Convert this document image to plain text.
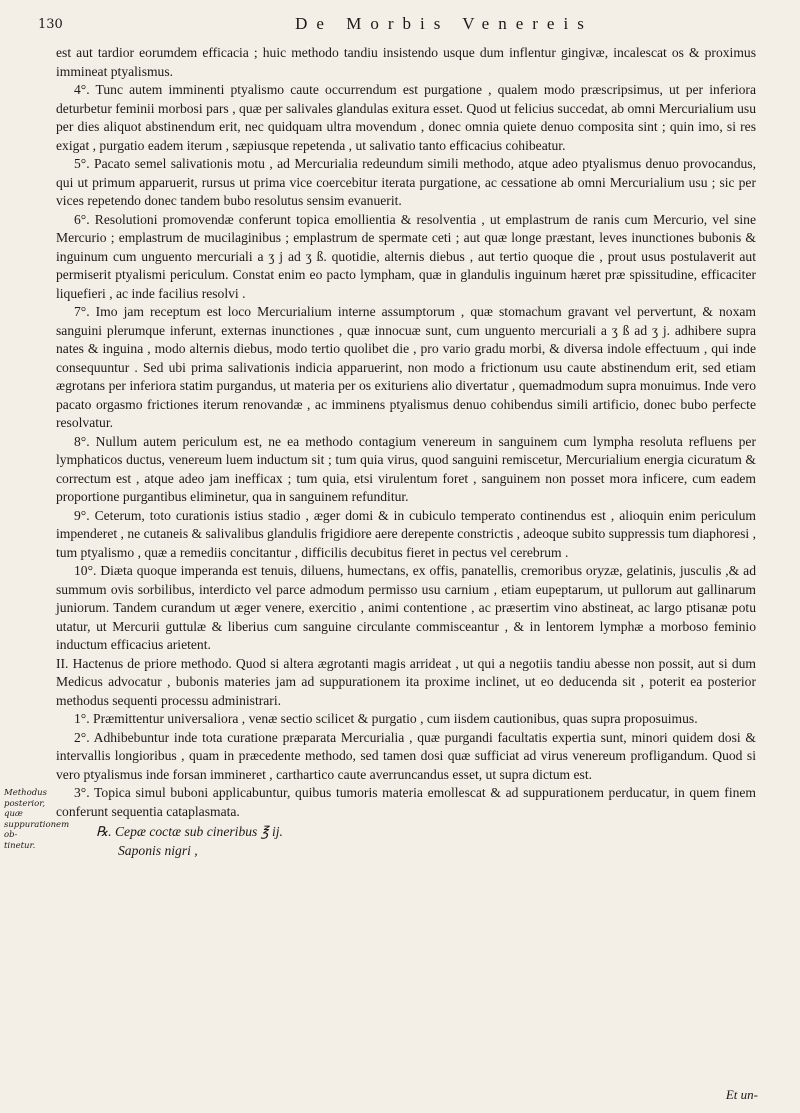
130	De Morbis Venereis
Methodus posterior, quæ suppurationem ob-tinetur.

est aut tardior eorumdem efficacia ; huic methodo tandiu insistendo usque dum inflentur gingivæ, incalescat os & proximus immineat ptyalismus.

4°. Tunc autem imminenti ptyalismo caute occurrendum est purgatione , qualem modo præscripsimus, ut per inferiora deturbetur feminii morbosi pars , quæ per salivales glandulas exitura esset. Quod ut felicius succedat, ab omni Mercurialium usu per dies aliquot abstinendum erit, nec quidquam ultra movendum , donec omnia quiete denuo composita sint ; quin imo, si res exigat , purgatio eadem iterum , sæpiusque repetenda , ut salivatio tanto efficacius cohibeatur.

5°. Pacato semel salivationis motu , ad Mercurialia redeundum simili methodo, atque adeo ptyalismus denuo provocandus, qui ut primum apparuerit, rursus ut prima vice coercebitur iterata purgatione, ac cessatione ab omni Mercurialium usu ; sic per vices repetendo donec tandem bubo resolutus sensim evanuerit.

6°. Resolutioni promovendæ conferunt topica emollientia & resolventia , ut emplastrum de ranis cum Mercurio, vel sine Mercurio ; emplastrum de mucilaginibus ; emplastrum de spermate ceti ; aut quæ longe præstant, leves inunctiones bubonis & inguinum cum unguento mercuriali a ʒ j ad ʒ ß. quotidie, alternis diebus , aut tertio quoque die , prout usus postulaverit aut permiserit ptyalismi periculum. Constat enim eo pacto lympham, quæ in glandulis inguinum hæret præ spissitudine, efficaciter liquefieri , ac inde facilius resolvi .

7°. Imo jam receptum est loco Mercurialium interne assumptorum , quæ stomachum gravant vel pervertunt, & noxam sanguini plerumque inferunt, externas inunctiones , quæ innocuæ sunt, cum unguento mercuriali a ʒ ß ad ʒ j. adhibere supra nates & inguina , modo alternis diebus, modo tertio quolibet die , pro vario gradu morbi, & diversa indole effectuum , qui inde consequuntur . Sed ubi prima salivationis indicia apparuerint, non modo a frictionum usu caute abstinendum erit, sed etiam ægrotans per inferiora statim purgandus, ut materia per os exituriens alio divertatur , quemadmodum supra monuimus. Inde vero pacato orgasmo frictiones iterum renovandæ , ac imminens ptyalismus denuo cohibendus simili artificio, donec bubo perfecte resolvatur.

8°. Nullum autem periculum est, ne ea methodo contagium venereum in sanguinem cum lympha resoluta refluens per lymphaticos ductus, venereum luem inductum sit ; tum quia virus, quod sanguini remiscetur, Mercurialium energia cicuratum & correctum est , atque adeo jam inefficax ; tum quia, etsi virulentum foret , sanguinem non posset mora inficere, cum eadem proportione purgantibus eliminetur, qua in sanguinem refunditur.

9°. Ceterum, toto curationis istius stadio , æger domi & in cubiculo temperato continendus est , alioquin enim periculum impenderet , ne cutaneis & salivalibus glandulis frigidiore aere derepente constrictis , adeoque subito suppressis tum diaphoresi , tum ptyalismo , quæ a remediis concitantur , difficilis decubitus fieret in pectus vel cerebrum .

10°. Diæta quoque imperanda est tenuis, diluens, humectans, ex offis, panatellis, cremoribus oryzæ, gelatinis, jusculis ,& ad summum ovis sorbilibus, interdicto vel parce admodum permisso usu carnium , etiam eupeptarum, ut pullorum aut gallinarum juniorum. Tandem curandum ut æger venere, exercitio , animi contentione , ac præsertim vino abstineat, ac largo ptisanæ potu utatur, ut Mercurii guttulæ & liberius cum sanguine circulante commisceantur , & in lentorem lymphæ a morboso feminio inductum efficacius arietent.

II. Hactenus de priore methodo. Quod si altera ægrotanti magis arrideat , ut qui a negotiis tandiu abesse non possit, aut si dum Medicus advocatur , bubonis materies jam ad suppurationem ita proxime inclinet, ut eo deducenda sit , poterit ea posterior methodus sequenti processu administrari.

1°. Præmittentur universaliora , venæ sectio scilicet & purgatio , cum iisdem cautionibus, quas supra proposuimus.

2°. Adhibebuntur inde tota curatione præparata Mercurialia , quæ purgandi facultatis expertia sunt, minori quidem dosi & intervallis longioribus , quam in præcedente methodo, sed tamen dosi quæ sufficiat ad virus venereum profligandum. Quod si vero ptyalismus inde forsan immineret , carthartico caute averruncandus esset, ut supra dictum est.

3°. Topica simul buboni applicabuntur, quibus tumoris materia emollescat & ad suppurationem perducatur, in quem finem conferunt sequentia cataplasmata.

℞. Cepæ coctæ sub cineribus ℥ ij.
Saponis nigri ,
Et un-
